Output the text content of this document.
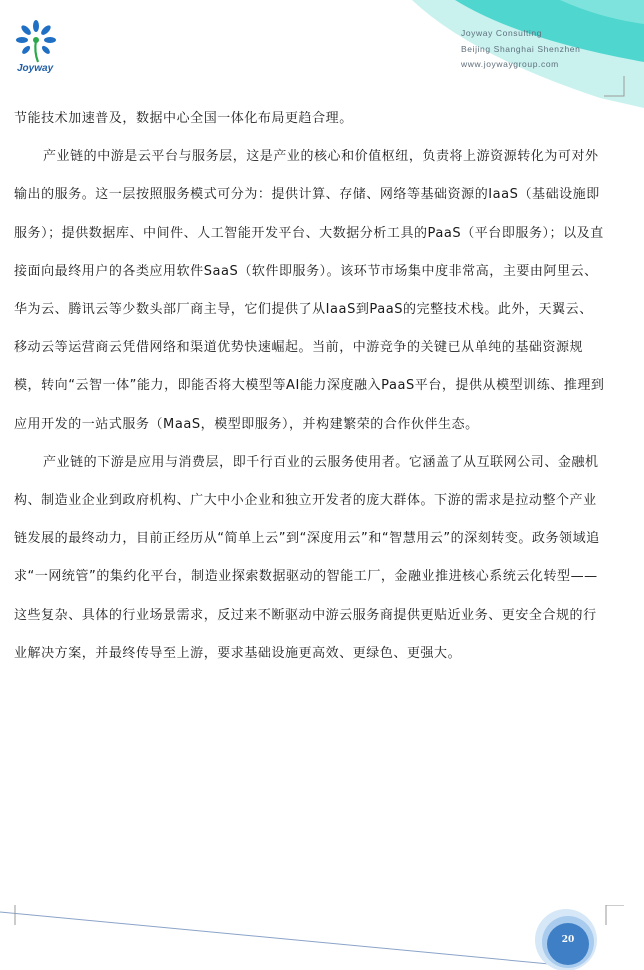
Joyway
Joyway Consulting
Beijing Shanghai Shenzhen
www.joywaygroup.com

节能技术加速普及，数据中心全国一体化布局更趋合理。

产业链的中游是云平台与服务层，这是产业的核心和价值枢纽，负责将上游资源转化为可对外输出的服务。这一层按照服务模式可分为：提供计算、存储、网络等基础资源的IaaS（基础设施即服务）；提供数据库、中间件、人工智能开发平台、大数据分析工具的PaaS（平台即服务）；以及直接面向最终用户的各类应用软件SaaS（软件即服务）。该环节市场集中度非常高，主要由阿里云、华为云、腾讯云等少数头部厂商主导，它们提供了从IaaS到PaaS的完整技术栈。此外，天翼云、移动云等运营商云凭借网络和渠道优势快速崛起。当前，中游竞争的关键已从单纯的基础资源规模，转向“云智一体”能力，即能否将大模型等AI能力深度融入PaaS平台，提供从模型训练、推理到应用开发的一站式服务（MaaS，模型即服务），并构建繁荣的合作伙伴生态。

产业链的下游是应用与消费层，即千行百业的云服务使用者。它涵盖了从互联网公司、金融机构、制造业企业到政府机构、广大中小企业和独立开发者的庞大群体。下游的需求是拉动整个产业链发展的最终动力，目前正经历从“简单上云”到“深度用云”和“智慧用云”的深刻转变。政务领域追求“一网统管”的集约化平台，制造业探索数据驱动的智能工厂，金融业推进核心系统云化转型——这些复杂、具体的行业场景需求，反过来不断驱动中游云服务商提供更贴近业务、更安全合规的行业解决方案，并最终传导至上游，要求基础设施更高效、更绿色、更强大。

20
